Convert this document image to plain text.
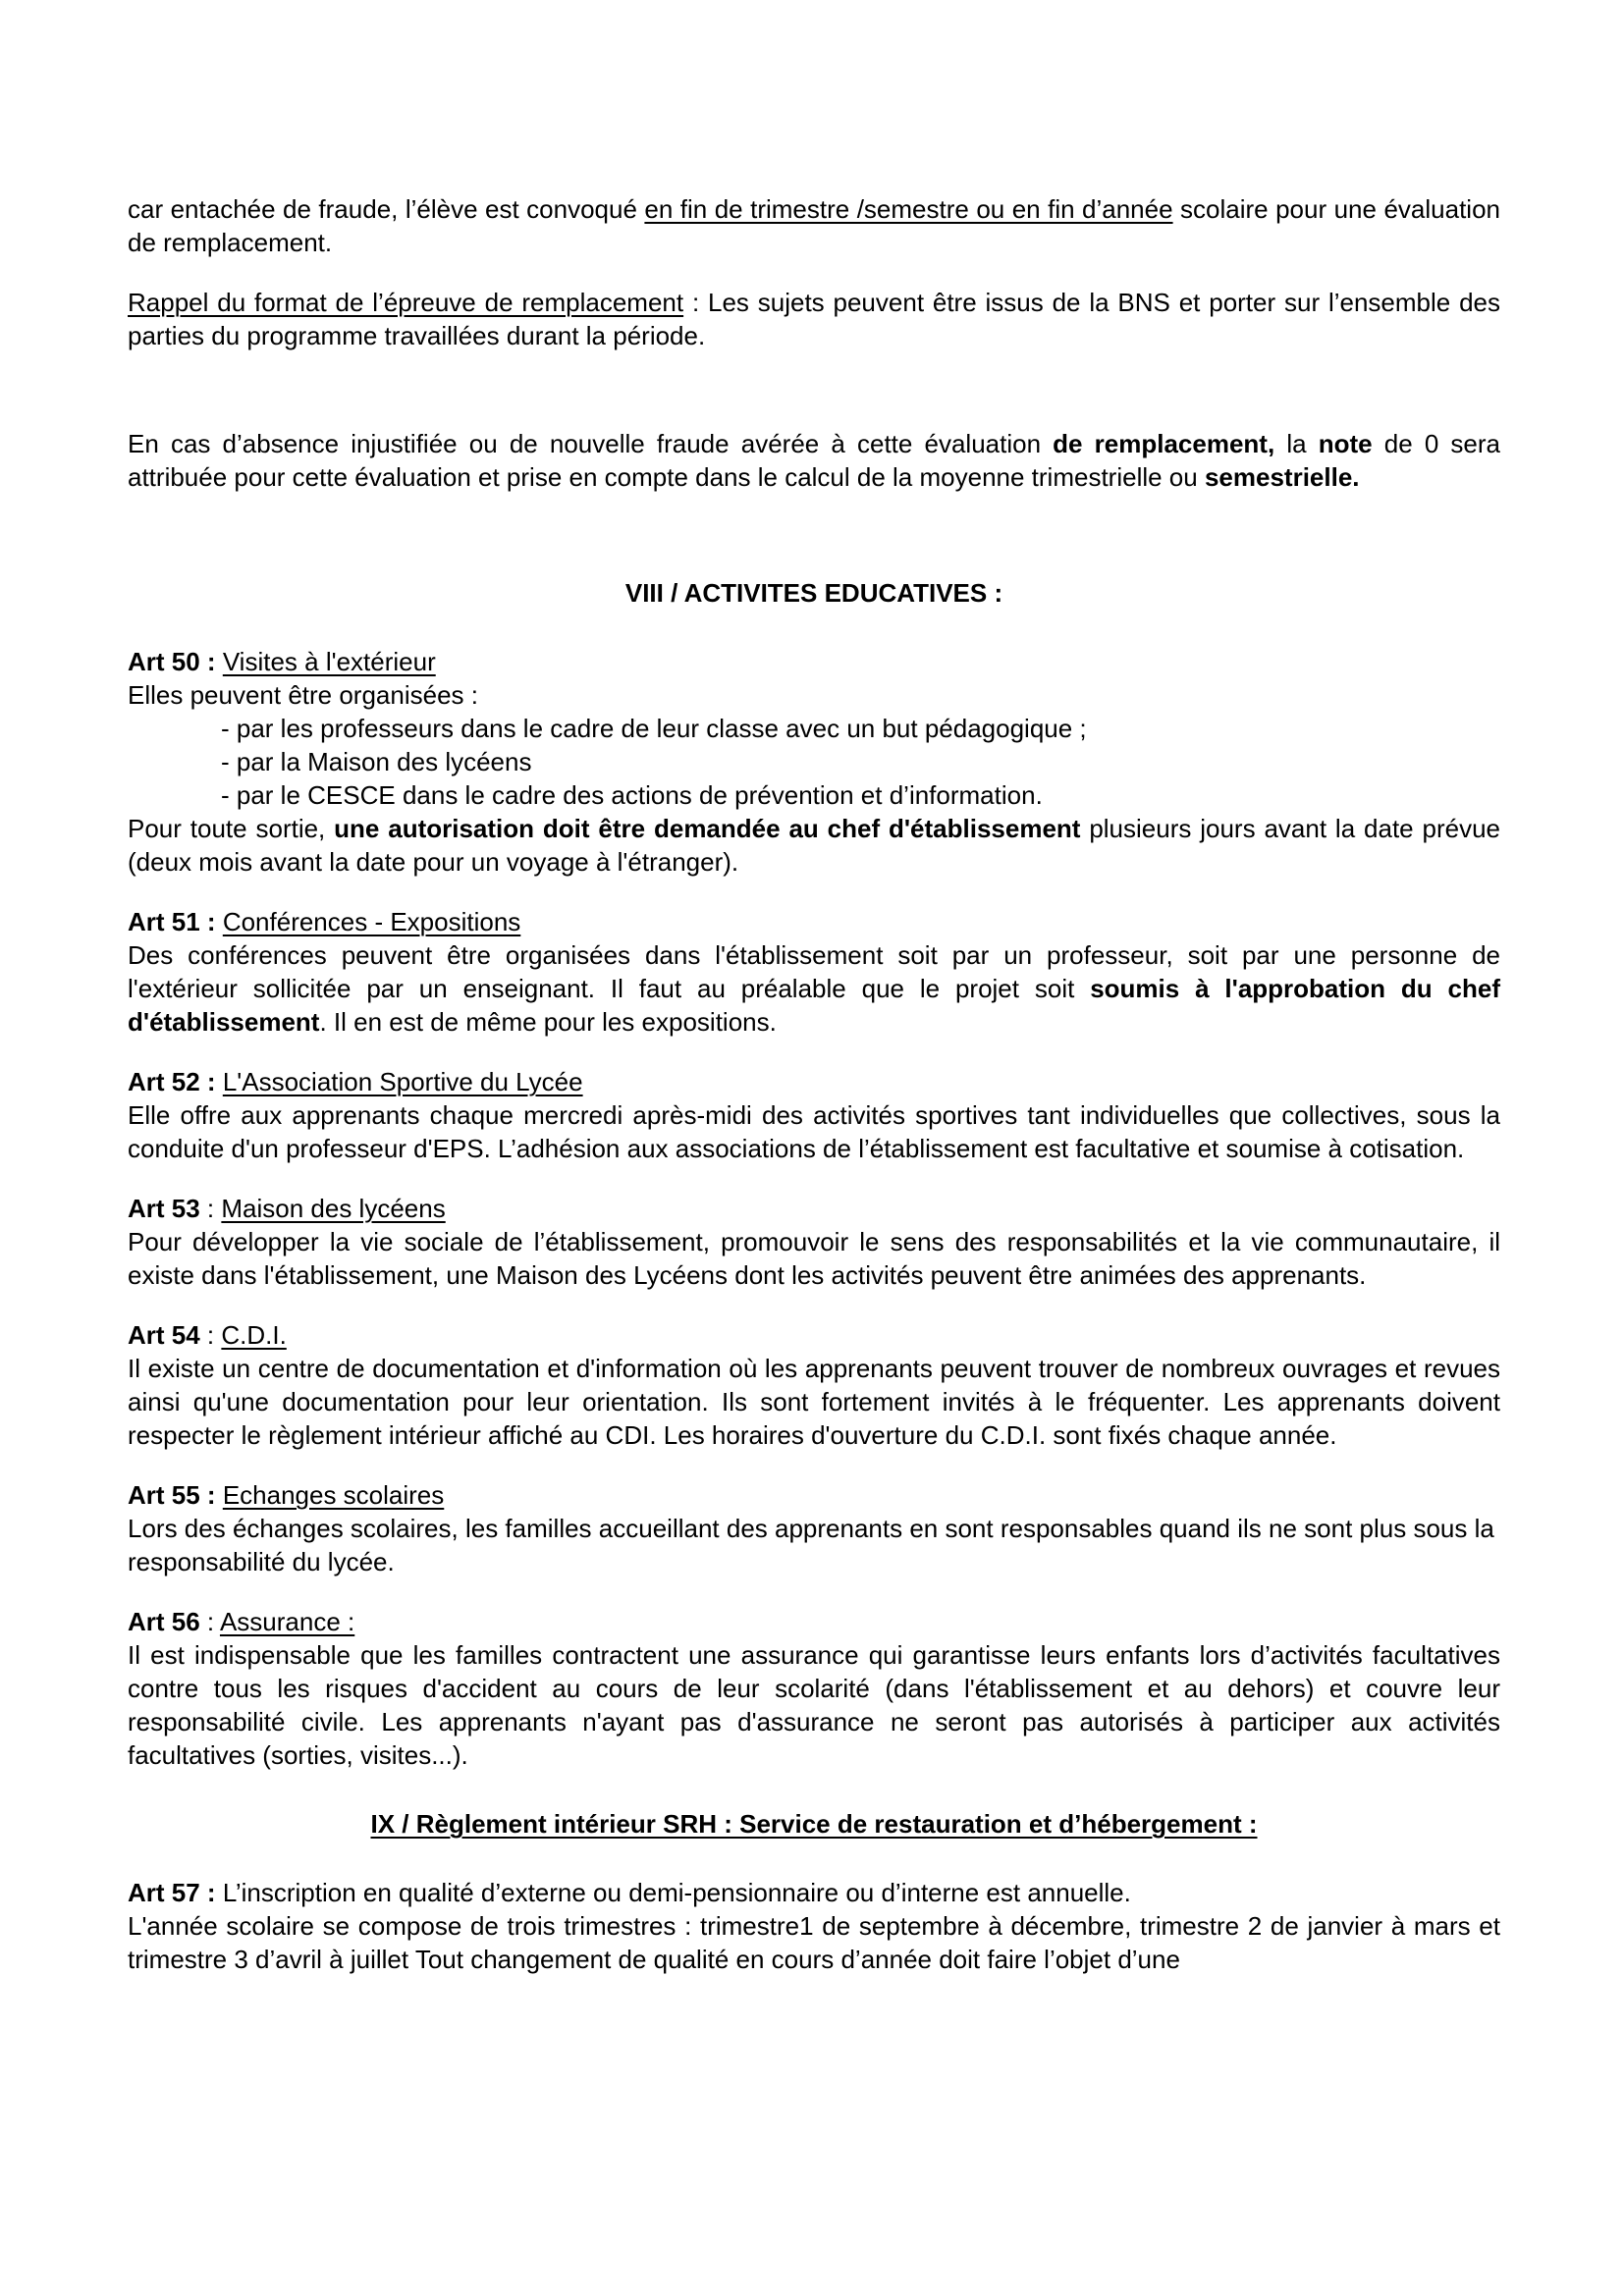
car entachée de fraude, l’élève est convoqué en fin de trimestre /semestre ou en fin d’année scolaire pour une évaluation de remplacement.

Rappel du format de l’épreuve de remplacement : Les sujets peuvent être issus de la BNS et porter sur l’ensemble des parties du programme travaillées durant la période.

En cas d’absence injustifiée ou de nouvelle fraude avérée à cette évaluation de remplacement, la note de 0 sera attribuée pour cette évaluation et prise en compte dans le calcul de la moyenne trimestrielle ou semestrielle.

VIII / ACTIVITES EDUCATIVES :

Art 50 : Visites à l'extérieur

Elles peuvent être organisées :

- par les professeurs dans le cadre de leur classe avec un but pédagogique ;

- par la Maison des lycéens

- par le CESCE dans le cadre des actions de prévention et d’information.

Pour toute sortie, une autorisation doit être demandée au chef d'établissement plusieurs jours avant la date prévue (deux mois avant la date pour un voyage à l'étranger).

Art 51 : Conférences - Expositions

Des conférences peuvent être organisées dans l'établissement soit par un professeur, soit par une personne de l'extérieur sollicitée par un enseignant. Il faut au préalable que le projet soit soumis à l'approbation du chef d'établissement. Il en est de même pour les expositions.

Art 52 : L'Association Sportive du Lycée

Elle offre aux apprenants chaque mercredi après-midi des activités sportives tant individuelles que collectives, sous la conduite d'un professeur d'EPS. L’adhésion aux associations de l’établissement est facultative et soumise à cotisation.

Art 53 : Maison des lycéens

Pour développer la vie sociale de l’établissement, promouvoir le sens des responsabilités et la vie communautaire, il existe dans l'établissement, une Maison des Lycéens dont les activités peuvent être animées des apprenants.

Art 54 : C.D.I.

Il existe un centre de documentation et d'information où les apprenants peuvent trouver de nombreux ouvrages et revues ainsi qu'une documentation pour leur orientation. Ils sont fortement invités à le fréquenter. Les apprenants doivent respecter le règlement intérieur affiché au CDI. Les horaires d'ouverture du C.D.I. sont fixés chaque année.

Art 55 : Echanges scolaires

Lors des échanges scolaires, les familles accueillant des apprenants en sont responsables quand ils ne sont plus sous la responsabilité du lycée.

Art 56 : Assurance :

Il est indispensable que les familles contractent une assurance qui garantisse leurs enfants lors d’activités facultatives contre tous les risques d'accident au cours de leur scolarité (dans l'établissement et au dehors) et couvre leur responsabilité civile. Les apprenants n'ayant pas d'assurance ne seront pas autorisés à participer aux activités facultatives (sorties, visites...).

IX / Règlement intérieur SRH : Service de restauration et d’hébergement :

Art 57 : L’inscription en qualité d’externe ou demi-pensionnaire ou d’interne est annuelle.

L'année scolaire se compose de trois trimestres : trimestre1 de septembre à décembre, trimestre 2 de janvier à mars et trimestre 3 d’avril à juillet Tout changement de qualité en cours d’année doit faire l’objet d’une
